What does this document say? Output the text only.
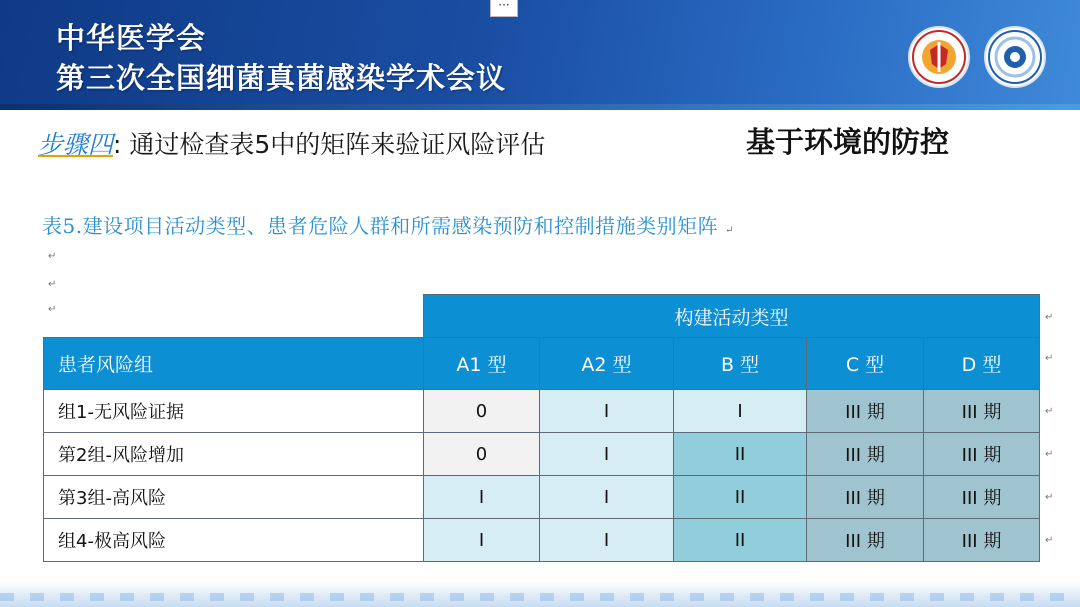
中华医学会
第三次全国细菌真菌感染学术会议
···
步骤四: 通过检查表5中的矩阵来验证风险评估	基于环境的防控
表5.建设项目活动类型、患者危险人群和所需感染预防和控制措施类别矩阵 ↵
↵
↵
↵
		构建活动类型				
患者风险组	A1 型	A2 型	B 型	C 型	D 型
组1-无风险证据	0	I	I	III 期	III 期
第2组-风险增加	0	I	II	III 期	III 期
第3组-高风险	I	I	II	III 期	III 期
组4-极高风险	I	I	II	III 期	III 期
↵
↵
↵
↵
↵
↵
